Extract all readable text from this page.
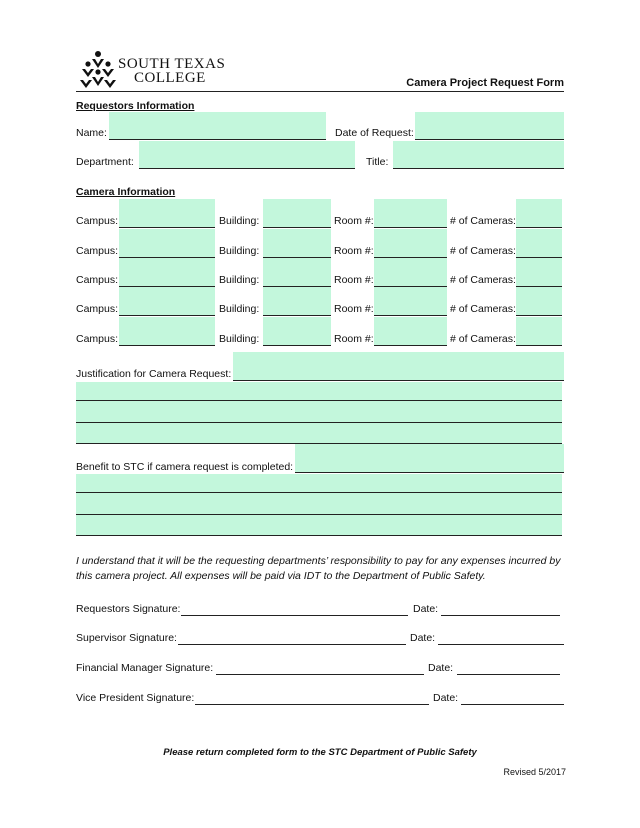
SOUTH TEXAS
COLLEGE	Camera Project Request Form
Requestors Information
Name:	Date of Request:
Department:	Title:
Camera Information
Campus:	Building:	Room #:	# of Cameras:
Campus:	Building:	Room #:	# of Cameras:
Campus:	Building:	Room #:	# of Cameras:
Campus:	Building:	Room #:	# of Cameras:
Campus:	Building:	Room #:	# of Cameras:
Justification for Camera Request:
Benefit to STC if camera request is completed:
I understand that it will be the requesting departments’ responsibility to pay for any expenses incurred by this camera project. All expenses will be paid via IDT to the Department of Public Safety.
Requestors Signature:	Date:
Supervisor Signature:	Date:
Financial Manager Signature:	Date:
Vice President Signature:	Date:
Please return completed form to the STC Department of Public Safety
Revised 5/2017
